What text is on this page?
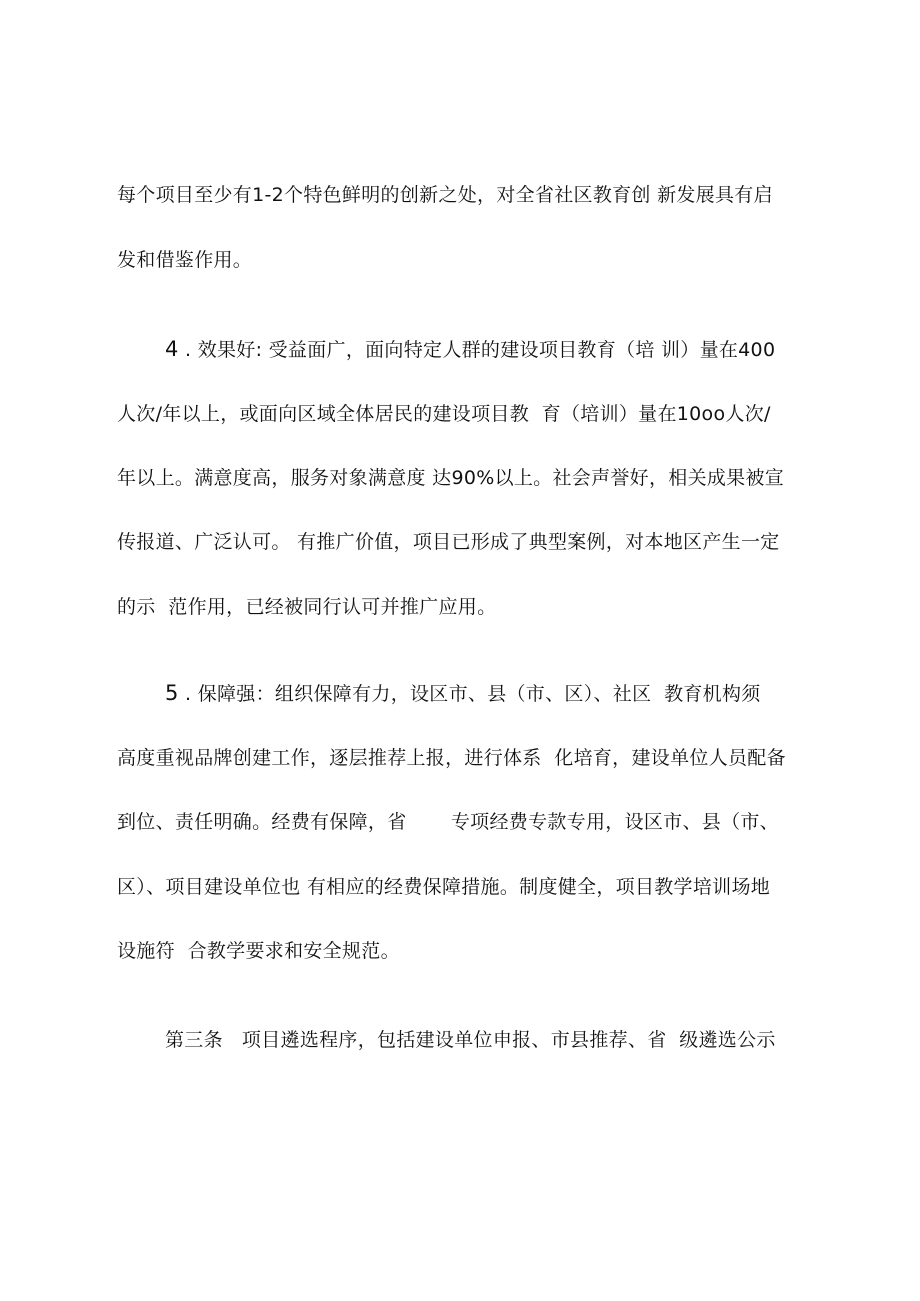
每个项目至少有1-2个特色鲜明的创新之处，对全省社区教育创 新发展具有启
发和借鉴作用。
4 . 效果好: 受益面广，面向特定人群的建设项目教育（培 训）量在400
人次/年以上，或面向区域全体居民的建设项目教  育（培训）量在10oo人次/
年以上。满意度高，服务对象满意度 达90%以上。社会声誉好，相关成果被宣
传报道、广泛认可。 有推广价值，项目已形成了典型案例，对本地区产生一定
的示  范作用，已经被同行认可并推广应用。
5 . 保障强：组织保障有力，设区市、县（市、区）、社区  教育机构须
高度重视品牌创建工作，逐层推荐上报，进行体系  化培育，建设单位人员配备
到位、责任明确。经费有保障，省       专项经费专款专用，设区市、县（市、
区）、项目建设单位也 有相应的经费保障措施。制度健全，项目教学培训场地
设施符  合教学要求和安全规范。
第三条   项目遴选程序，包括建设单位申报、市县推荐、省  级遴选公示
